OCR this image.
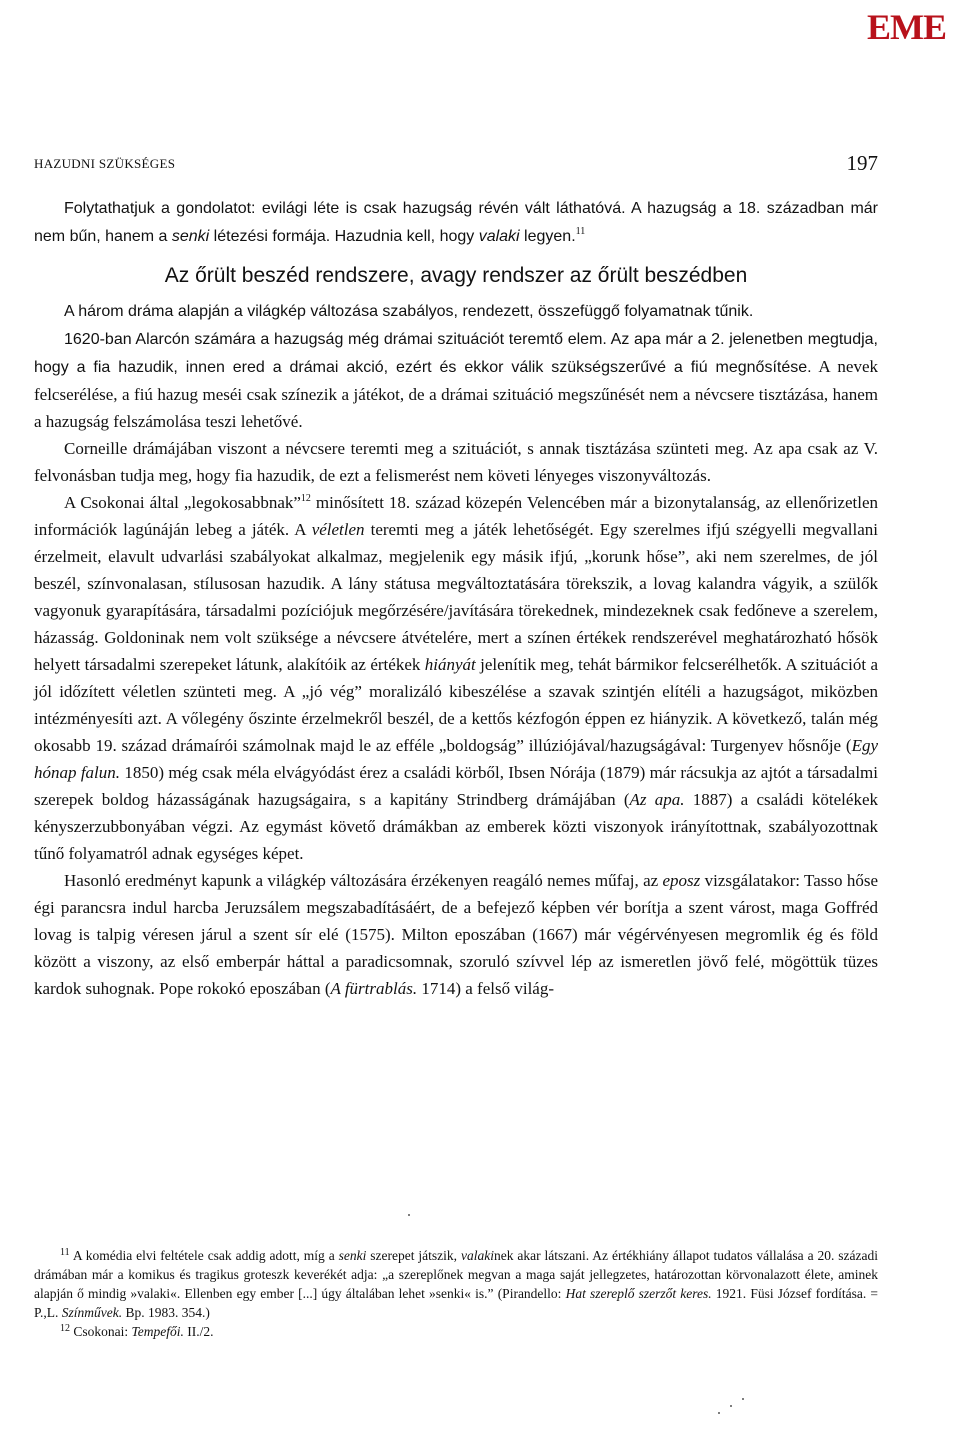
EME
HAZUDNI SZÜKSÉGES	197

Folytathatjuk a gondolatot: evilági léte is csak hazugság révén vált láthatóvá. A hazugság a 18. században már nem bűn, hanem a senki létezési formája. Hazudnia kell, hogy valaki legyen.$^{11}$

Az őrült beszéd rendszere, avagy rendszer az őrült beszédben

A három dráma alapján a világkép változása szabályos, rendezett, összefüggő folyamatnak tűnik.

1620-ban Alarcón számára a hazugság még drámai szituációt teremtő elem. Az apa már a 2. jelenetben megtudja, hogy a fia hazudik, innen ered a drámai akció, ezért és ekkor válik szükségszerűvé a fiú megnősítése. A nevek felcserélése, a fiú hazug meséi csak színezik a játékot, de a drámai szituáció megszűnését nem a névcsere tisztázása, hanem a hazugság felszámolása teszi lehetővé.

Corneille drámájában viszont a névcsere teremti meg a szituációt, s annak tisztázása szünteti meg. Az apa csak az V. felvonásban tudja meg, hogy fia hazudik, de ezt a felismerést nem követi lényeges viszonyváltozás.

A Csokonai által „legokosabbnak”$^{12}$ minősített 18. század közepén Velencében már a bizonytalanság, az ellenőrizetlen információk lagúnáján lebeg a játék. A véletlen teremti meg a játék lehetőségét. Egy szerelmes ifjú szégyelli megvallani érzelmeit, elavult udvarlási szabályokat alkalmaz, megjelenik egy másik ifjú, „korunk hőse”, aki nem szerelmes, de jól beszél, színvonalasan, stílusosan hazudik. A lány státusa megváltoztatására törekszik, a lovag kalandra vágyik, a szülők vagyonuk gyarapítására, társadalmi pozíciójuk megőrzésére/javítására törekednek, mindezeknek csak fedőneve a szerelem, házasság. Goldoninak nem volt szüksége a névcsere átvételére, mert a színen értékek rendszerével meghatározható hősök helyett társadalmi szerepeket látunk, alakítóik az értékek hiányát jelenítik meg, tehát bármikor felcserélhetők. A szituációt a jól időzített véletlen szünteti meg. A „jó vég” moralizáló kibeszélése a szavak szintjén elítéli a hazugságot, miközben intézményesíti azt. A vőlegény őszinte érzelmekről beszél, de a kettős kézfogón éppen ez hiányzik. A következő, talán még okosabb 19. század drámaírói számolnak majd le az efféle „boldogság” illúziójával/hazugságával: Turgenyev hősnője (Egy hónap falun. 1850) még csak méla elvágyódást érez a családi körből, Ibsen Nórája (1879) már rácsukja az ajtót a társadalmi szerepek boldog házasságának hazugságaira, s a kapitány Strindberg drámájában (Az apa. 1887) a családi kötelékek kényszerzubbonyában végzi. Az egymást követő drámákban az emberek közti viszonyok irányítottnak, szabályozottnak tűnő folyamatról adnak egységes képet.

Hasonló eredményt kapunk a világkép változására érzékenyen reagáló nemes műfaj, az eposz vizsgálatakor: Tasso hőse égi parancsra indul harcba Jeruzsálem megszabadításáért, de a befejező képben vér borítja a szent várost, maga Goffréd lovag is talpig véresen járul a szent sír elé (1575). Milton eposzában (1667) már végérvényesen megromlik ég és föld között a viszony, az első emberpár háttal a paradicsomnak, szoruló szívvel lép az ismeretlen jövő felé, mögöttük tüzes kardok suhognak. Pope rokokó eposzában (A fürtrablás. 1714) a felső világ-

$^{11}$ A komédia elvi feltétele csak addig adott, míg a senki szerepet játszik, valakinek akar látszani. Az értékhiány állapot tudatos vállalása a 20. századi drámában már a komikus és tragikus groteszk keverékét adja: „a szereplőnek megvan a maga saját jellegzetes, határozottan körvonalazott élete, aminek alapján ő mindig »valaki«. Ellenben egy ember [...] úgy általában lehet »senki« is.” (Pirandello: Hat szereplő szerzőt keres. 1921. Füsi József fordítása. = P.,L. Színművek. Bp. 1983. 354.)

$^{12}$ Csokonai: Tempefői. II./2.
